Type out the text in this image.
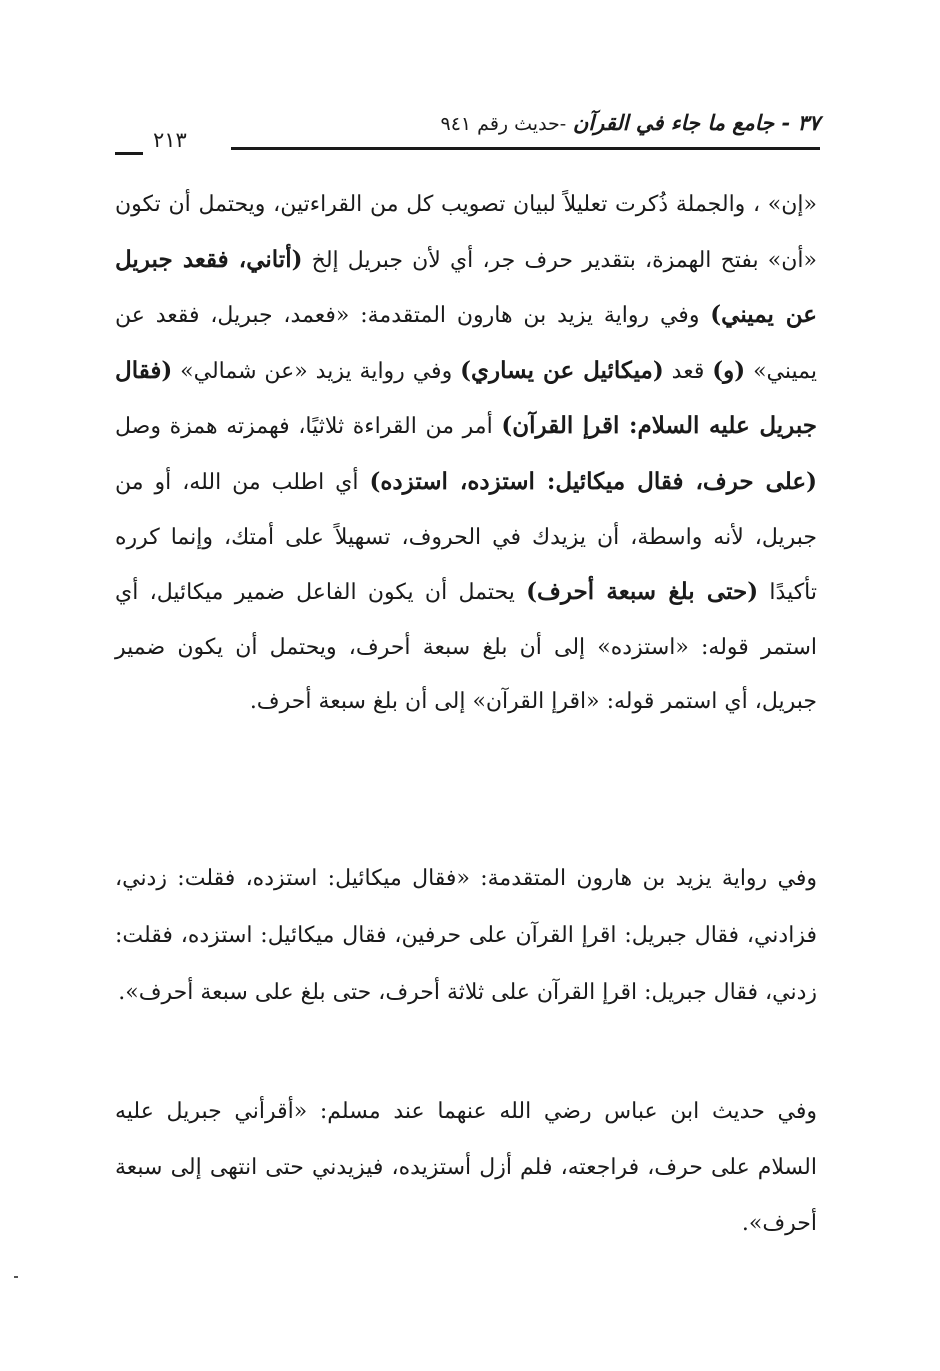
٣٧ - جامع ما جاء في القرآن -حديث رقم ٩٤١
٢١٣

«إن» ، والجملة ذُكرت تعليلاً لبيان تصويب كل من القراءتين، ويحتمل أن تكون «أن» بفتح الهمزة، بتقدير حرف جر، أي لأن جبريل إلخ (أتاني، فقعد جبريل عن يميني) وفي رواية يزيد بن هارون المتقدمة: «فعمد، جبريل، فقعد عن يميني» (و) قعد (ميكائيل عن يساري) وفي رواية يزيد «عن شمالي» (فقال جبريل عليه السلام: اقرإ القرآن) أمر من القراءة ثلاثيًا، فهمزته همزة وصل (على حرف، فقال ميكائيل: استزده، استزده) أي اطلب من الله، أو من جبريل، لأنه واسطة، أن يزيدك في الحروف، تسهيلاً على أمتك، وإنما كرره تأكيدًا (حتى بلغ سبعة أحرف) يحتمل أن يكون الفاعل ضمير ميكائيل، أي استمر قوله: «استزده» إلى أن بلغ سبعة أحرف، ويحتمل أن يكون ضمير جبريل، أي استمر قوله: «اقرإ القرآن» إلى أن بلغ سبعة أحرف.

وفي رواية يزيد بن هارون المتقدمة: «فقال ميكائيل: استزده، فقلت: زدني، فزادني، فقال جبريل: اقرإ القرآن على حرفين، فقال ميكائيل: استزده، فقلت: زدني، فقال جبريل: اقرإ القرآن على ثلاثة أحرف، حتى بلغ على سبعة أحرف».

وفي حديث ابن عباس رضي الله عنهما عند مسلم: «أقرأني جبريل عليه السلام على حرف، فراجعته، فلم أزل أستزيده، فيزيدني حتى انتهى إلى سبعة أحرف».
